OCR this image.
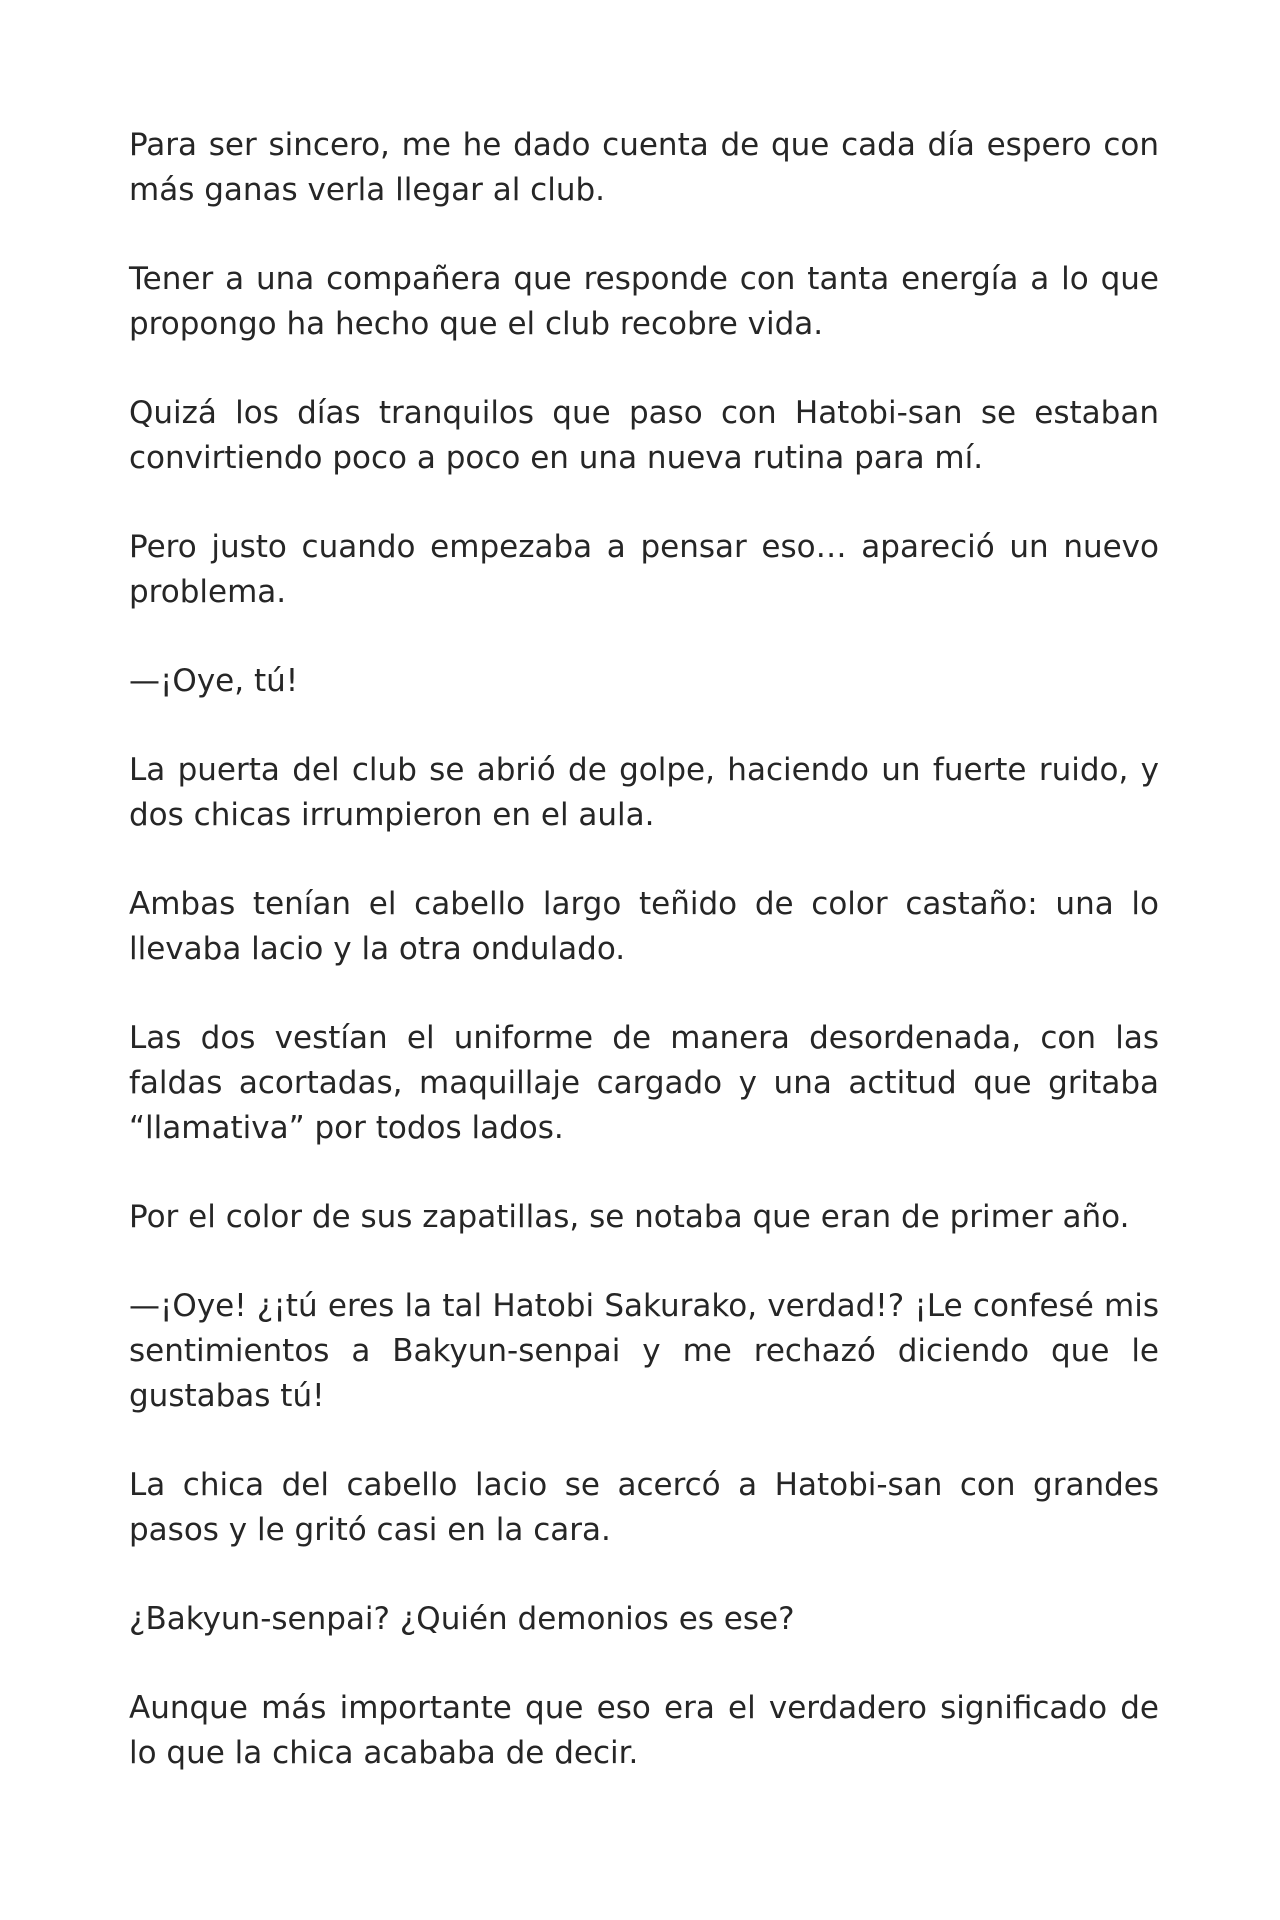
Para ser sincero, me he dado cuenta de que cada día espero con más ganas verla llegar al club.

Tener a una compañera que responde con tanta energía a lo que propongo ha hecho que el club recobre vida.

Quizá los días tranquilos que paso con Hatobi-san se estaban convirtiendo poco a poco en una nueva rutina para mí.

Pero justo cuando empezaba a pensar eso… apareció un nuevo problema.

—¡Oye, tú!

La puerta del club se abrió de golpe, haciendo un fuerte ruido, y dos chicas irrumpieron en el aula.

Ambas tenían el cabello largo teñido de color castaño: una lo llevaba lacio y la otra ondulado.

Las dos vestían el uniforme de manera desordenada, con las faldas acortadas, maquillaje cargado y una actitud que gritaba “llamativa” por todos lados.

Por el color de sus zapatillas, se notaba que eran de primer año.

—¡Oye! ¿¡tú eres la tal Hatobi Sakurako, verdad!? ¡Le confesé mis sentimientos a Bakyun-senpai y me rechazó diciendo que le gustabas tú!

La chica del cabello lacio se acercó a Hatobi-san con grandes pasos y le gritó casi en la cara.

¿Bakyun-senpai? ¿Quién demonios es ese?

Aunque más importante que eso era el verdadero significado de lo que la chica acababa de decir.
